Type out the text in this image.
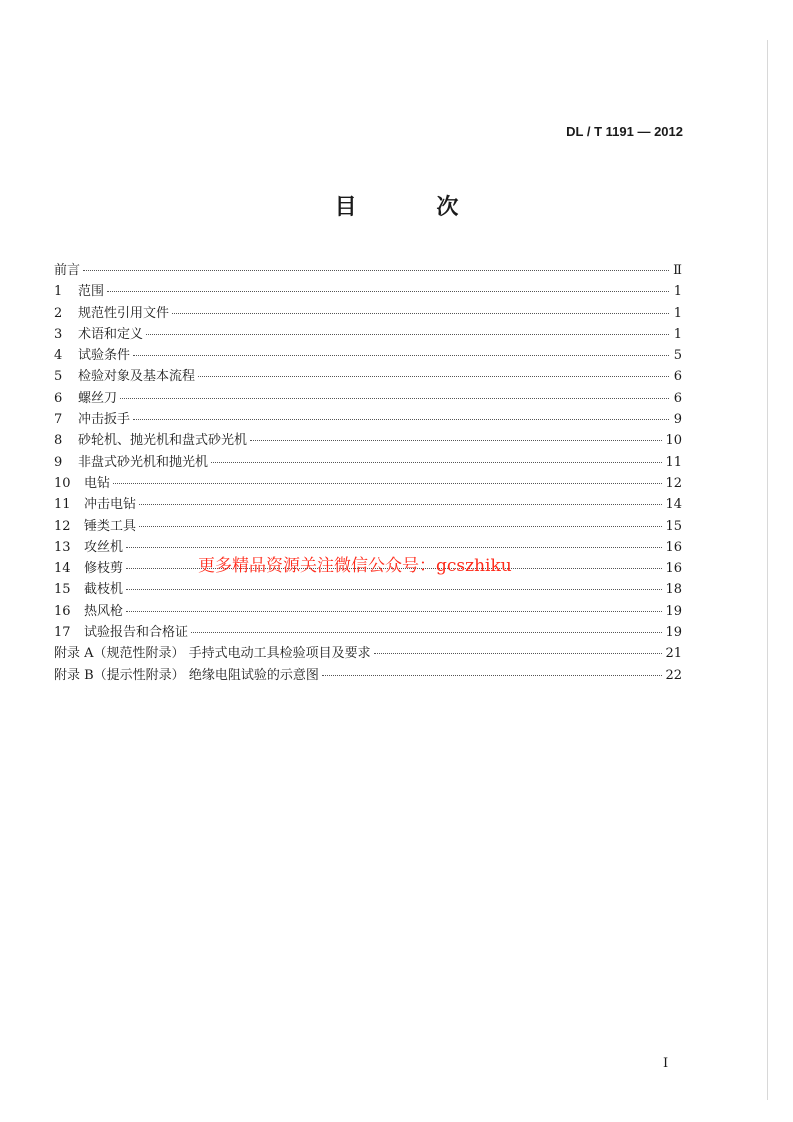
DL / T 1191 — 2012
目 次
前言	Ⅱ
1	范围	1
2	规范性引用文件	1
3	术语和定义	1
4	试验条件	5
5	检验对象及基本流程	6
6	螺丝刀	6
7	冲击扳手	9
8	砂轮机、抛光机和盘式砂光机	10
9	非盘式砂光机和抛光机	11
10	电钻	12
11	冲击电钻	14
12	锤类工具	15
13	攻丝机	16
14	修枝剪	16
15	截枝机	18
16	热风枪	19
17	试验报告和合格证	19
附录 A（规范性附录） 手持式电动工具检验项目及要求	21
附录 B（提示性附录） 绝缘电阻试验的示意图	22
更多精品资源关注微信公众号：gcszhiku
I
